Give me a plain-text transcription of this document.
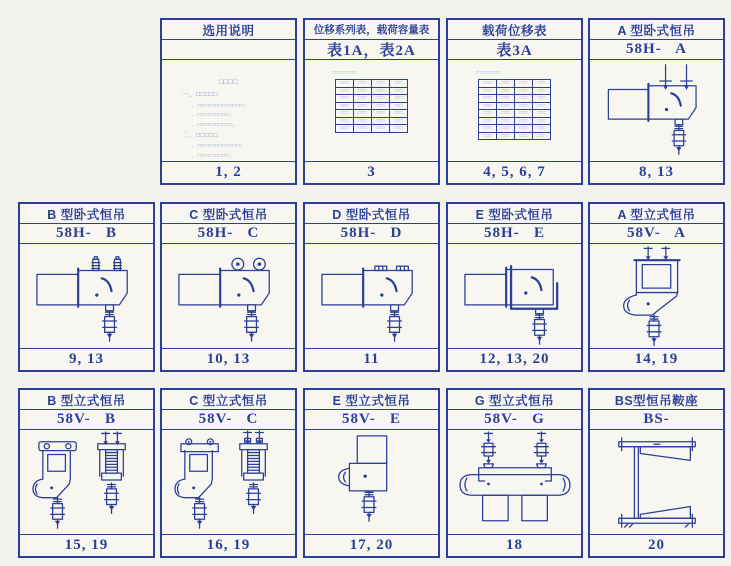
选用说明
□□□□
一、□□□□□
、□□□□□□□□□□□□□；
、□□□□□□□□□；
、□□□□□□□□□□。
二、□□□□□
、□□□□□□□□□□□□；
、□□□□□□□□□；
1, 2
位移系列表，载荷容量表
表1A，表2A
□□□□□□
□□□	□□□	□□□	□□□
□□□	□□□	□□□	□□□
□□□	□□□	□□□	□□□
□□□	□□□	□□□	□□□
□□□	□□□	□□□	□□□
□□□	□□□	□□□	□□□
□□□	□□□	□□□	□□□
3
载荷位移表
表3A
□□□□□□
□□□	□□□	□□□	□□□
□□□	□□□	□□□	□□□
□□□	□□□	□□□	□□□
□□□	□□□	□□□	□□□
□□□	□□□	□□□	□□□
□□□	□□□	□□□	□□□
□□□	□□□	□□□	□□□
□□□	□□□	□□□	□□□
4, 5, 6, 7
A 型卧式恒吊
58H-   A
8, 13
B 型卧式恒吊
58H-   B
9, 13
C 型卧式恒吊
58H-   C
10, 13
D 型卧式恒吊
58H-   D
11
E 型卧式恒吊
58H-   E
12, 13, 20
A 型立式恒吊
58V-   A
14, 19
B 型立式恒吊
58V-   B
15, 19
C 型立式恒吊
58V-   C
16, 19
E 型立式恒吊
58V-   E
17, 20
G 型立式恒吊
58V-   G
18
BS型恒吊鞍座
BS-
20
